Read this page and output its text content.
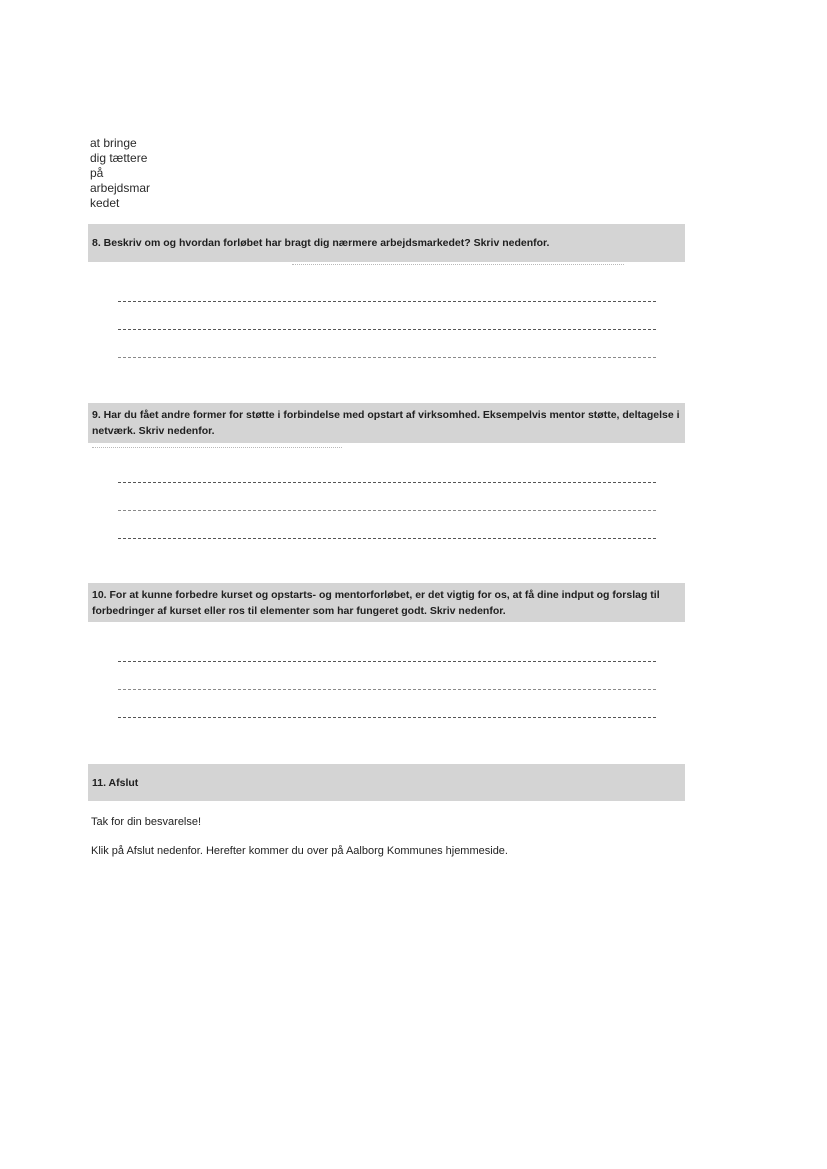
at bringe
dig tættere
på
arbejdsmar
kedet
8. Beskriv om og hvordan forløbet har bragt dig nærmere arbejdsmarkedet? Skriv nedenfor.
9. Har du fået andre former for støtte i forbindelse med opstart af virksomhed. Eksempelvis mentor støtte, deltagelse i netværk. Skriv nedenfor.
10. For at kunne forbedre kurset og opstarts- og mentorforløbet, er det vigtig for os, at få dine indput og forslag til forbedringer af kurset eller ros til elementer som har fungeret godt. Skriv nedenfor.
11. Afslut
Tak for din besvarelse!
Klik på Afslut nedenfor. Herefter kommer du over på Aalborg Kommunes hjemmeside.
